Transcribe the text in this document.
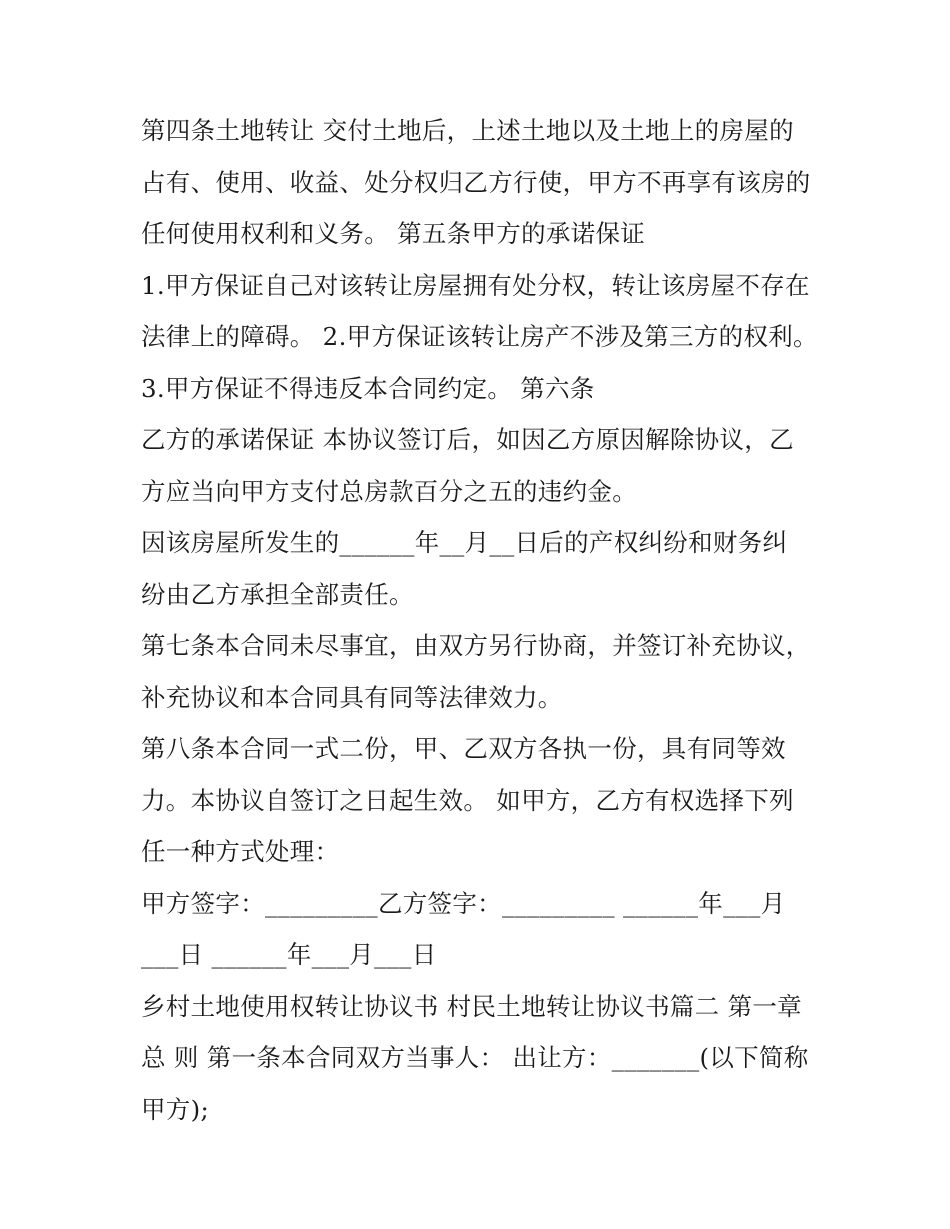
第四条土地转让 交付土地后，上述土地以及土地上的房屋的
占有、使用、收益、处分权归乙方行使，甲方不再享有该房的
任何使用权利和义务。 第五条甲方的承诺保证
1.甲方保证自己对该转让房屋拥有处分权，转让该房屋不存在
法律上的障碍。 2.甲方保证该转让房产不涉及第三方的权利。
3.甲方保证不得违反本合同约定。 第六条
乙方的承诺保证 本协议签订后，如因乙方原因解除协议，乙
方应当向甲方支付总房款百分之五的违约金。
因该房屋所发生的______年__月__日后的产权纠纷和财务纠
纷由乙方承担全部责任。
第七条本合同未尽事宜，由双方另行协商，并签订补充协议，
补充协议和本合同具有同等法律效力。
第八条本合同一式二份，甲、乙双方各执一份，具有同等效
力。本协议自签订之日起生效。 如甲方，乙方有权选择下列
任一种方式处理：
甲方签字：_________乙方签字：_________ ______年___月
___日 ______年___月___日
乡村土地使用权转让协议书 村民土地转让协议书篇二 第一章
总 则 第一条本合同双方当事人： 出让方：_______(以下简称
甲方);
